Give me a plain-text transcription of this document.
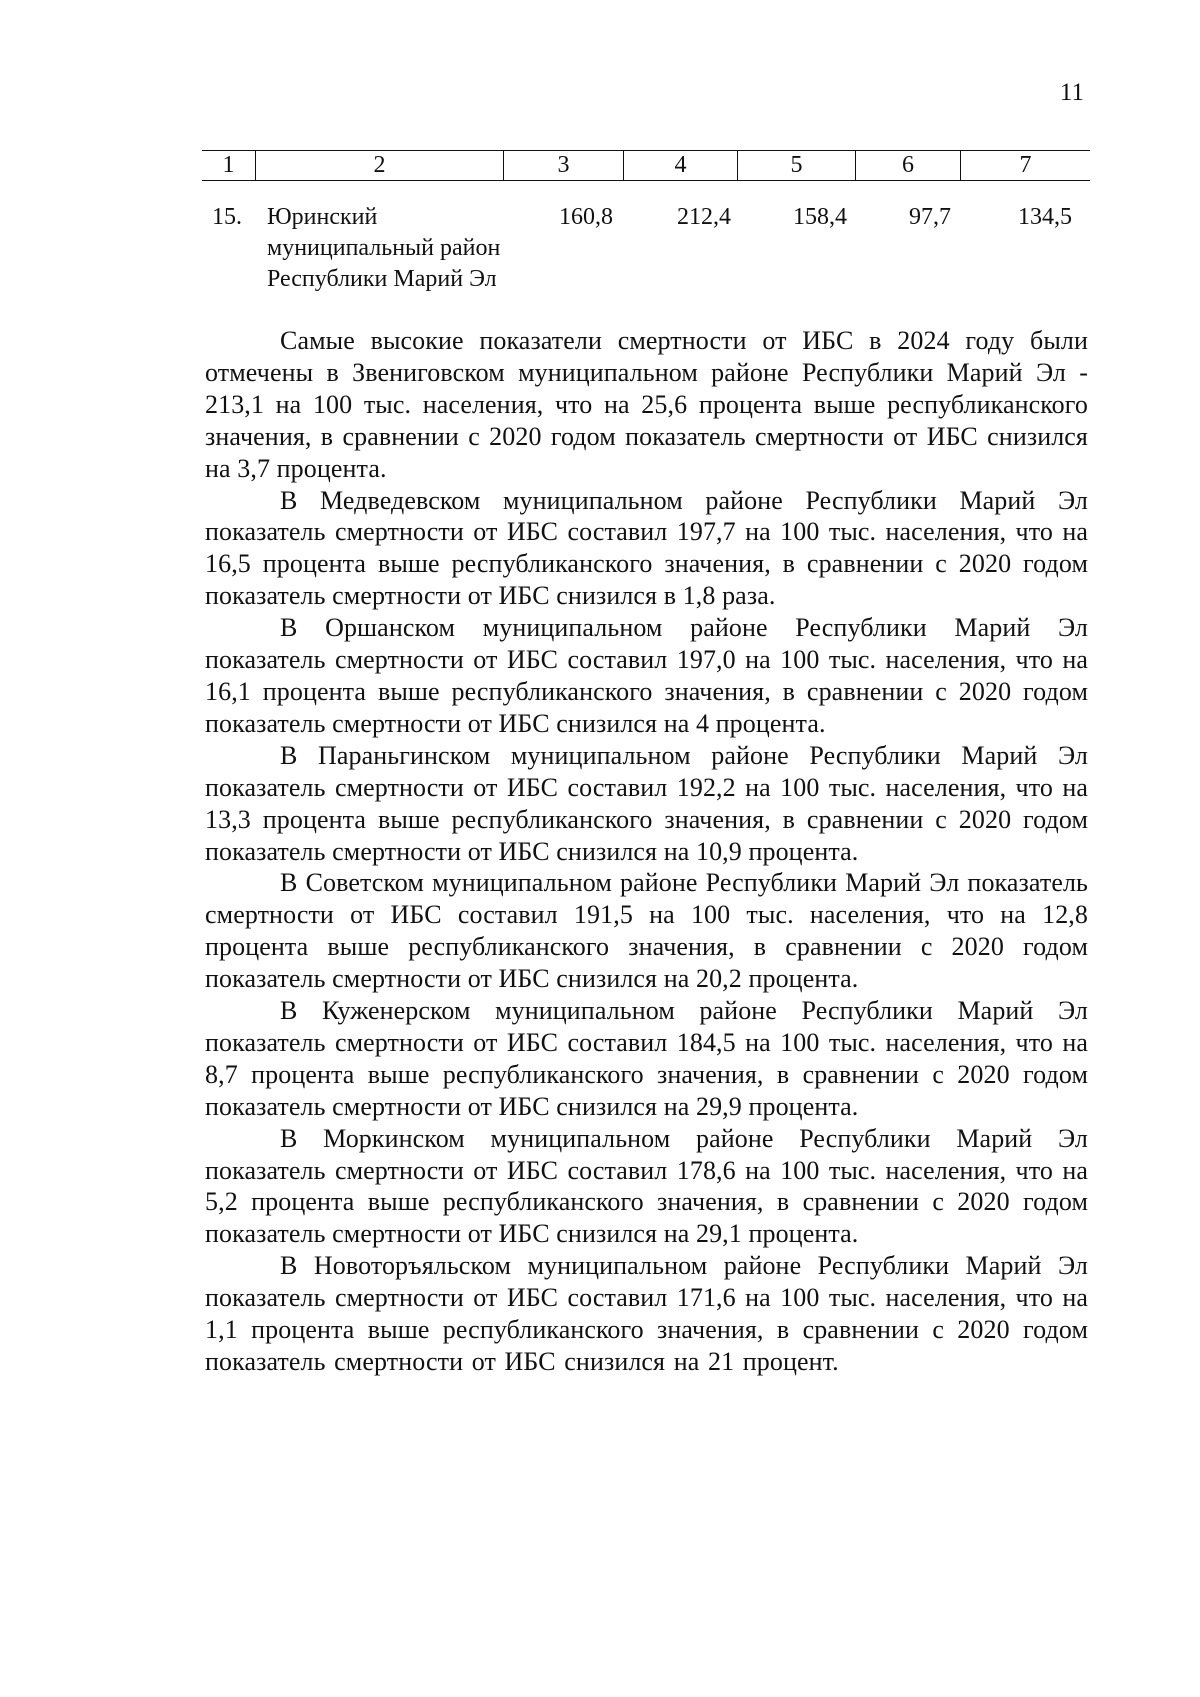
11
1	2	3	4	5	6	7
15. Юринский
муниципальный район
Республики Марий Эл
160,8	212,4	158,4	97,7	134,5

Самые высокие показатели смертности от ИБС в 2024 году были отмечены в Звениговском муниципальном районе Республики Марий Эл - 213,1 на 100 тыс. населения, что на 25,6 процента выше республиканского значения, в сравнении с 2020 годом показатель смертности от ИБС снизился на 3,7 процента.

В Медведевском муниципальном районе Республики Марий Эл показатель смертности от ИБС составил 197,7 на 100 тыс. населения, что на 16,5 процента выше республиканского значения, в сравнении с 2020 годом показатель смертности от ИБС снизился в 1,8 раза.

В Оршанском муниципальном районе Республики Марий Эл показатель смертности от ИБС составил 197,0 на 100 тыс. населения, что на 16,1 процента выше республиканского значения, в сравнении с 2020 годом показатель смертности от ИБС снизился на 4 процента.

В Параньгинском муниципальном районе Республики Марий Эл показатель смертности от ИБС составил 192,2 на 100 тыс. населения, что на 13,3 процента выше республиканского значения, в сравнении с 2020 годом показатель смертности от ИБС снизился на 10,9 процента.

В Советском муниципальном районе Республики Марий Эл показатель смертности от ИБС составил 191,5 на 100 тыс. населения, что на 12,8 процента выше республиканского значения, в сравнении с 2020 годом показатель смертности от ИБС снизился на 20,2 процента.

В Куженерском муниципальном районе Республики Марий Эл показатель смертности от ИБС составил 184,5 на 100 тыс. населения, что на 8,7 процента выше республиканского значения, в сравнении с 2020 годом показатель смертности от ИБС снизился на 29,9 процента.

В Моркинском муниципальном районе Республики Марий Эл показатель смертности от ИБС составил 178,6 на 100 тыс. населения, что на 5,2 процента выше республиканского значения, в сравнении с 2020 годом показатель смертности от ИБС снизился на 29,1 процента.

В Новоторъяльском муниципальном районе Республики Марий Эл показатель смертности от ИБС составил 171,6 на 100 тыс. населения, что на 1,1 процента выше республиканского значения, в сравнении с 2020 годом показатель смертности от ИБС снизился на 21 процент.
